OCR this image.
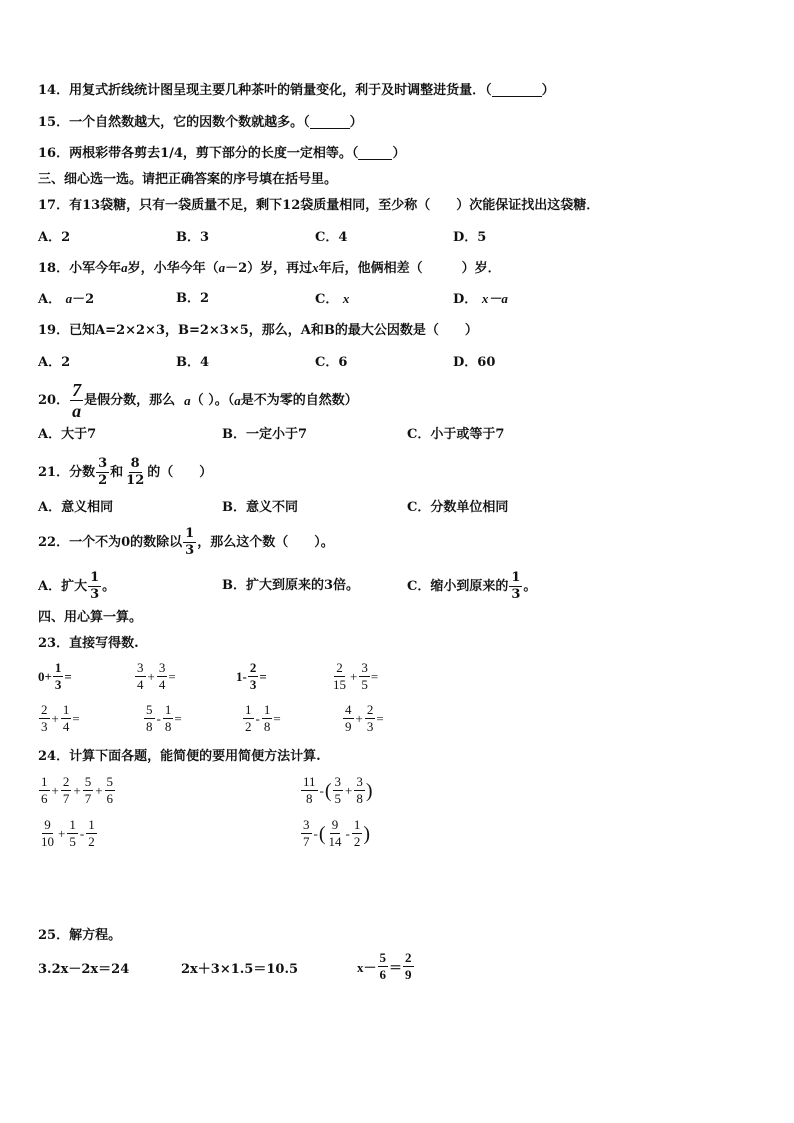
14．用复式折线统计图呈现主要几种茶叶的销量变化，利于及时调整进货量．（	）
15．一个自然数越大，它的因数个数就越多。（	）
16．两根彩带各剪去1/4，剪下部分的长度一定相等。（	）
三、细心选一选。请把正确答案的序号填在括号里。
17．有13袋糖，只有一袋质量不足，剩下12袋质量相同，至少称（　　）次能保证找出这袋糖．
A．2	B．3	C．4	D．5
18．小军今年a岁，小华今年（a－2）岁，再过x年后，他俩相差（　　　）岁．
A． a－2	B．2	C． x	D． x－a
19．已知A=2×2×3，B=2×3×5，那么，A和B的最大公因数是（　　）
A．2	B．4	C．6	D．60
20． $\frac{7}{a}$ 是假分数，那么
a （ ）。（ a 是不为零的自然数）
A．大于7	B．一定小于7	C．小于或等于7
21．分数 $\frac{3}{2}$ 和 $\frac{8}{12}$ 的（　　）
A．意义相同	B．意义不同	C．分数单位相同
22．一个不为0的数除以 $\frac{1}{3}$ ，那么这个数（　　）。
A．扩大 $\frac{1}{3}$ 。	B．扩大到原来的3倍。	C．缩小到原来的 $\frac{1}{3}$ 。
四、用心算一算。
23．直接写得数.
$0+ \frac{1}{3}$ =	$\frac{3}{4} + \frac{3}{4}$ =	$1- \frac{2}{3}$ =	$\frac{2}{15} + \frac{3}{5}$ =
$\frac{2}{3} + \frac{1}{4}$ =	$\frac{5}{8} - \frac{1}{8}$ =	$\frac{1}{2} - \frac{1}{8}$ =	$\frac{4}{9} + \frac{2}{3}$ =
24．计算下面各题，能简便的要用简便方法计算.
$\frac{1}{6} + \frac{2}{7} + \frac{5}{7} + \frac{5}{6}$	$\frac{11}{8}$ - ( $\frac{3}{5} + \frac{3}{8}$ )
$\frac{9}{10} + \frac{1}{5} - \frac{1}{2}$	$\frac{3}{7}$ - ( $\frac{9}{14} - \frac{1}{2}$ )
25．解方程。
3.2x－2x＝24	2x＋3×1.5＝10.5	$x- \frac{5}{6} = \frac{2}{9}$
